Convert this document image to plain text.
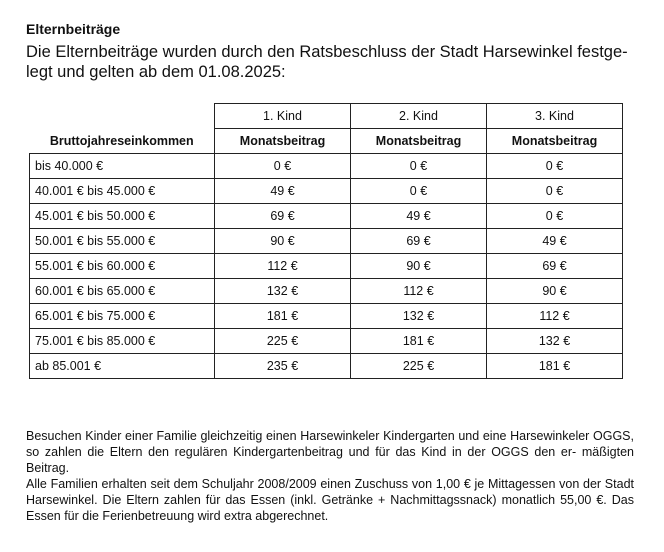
Elternbeiträge

Die Elternbeiträge wurden durch den Ratsbeschluss der Stadt Harsewinkel festge- legt und gelten ab dem 01.08.2025:

	1. Kind	2. Kind	3. Kind
Bruttojahreseinkommen	Monatsbeitrag	Monatsbeitrag	Monatsbeitrag
bis 40.000 €	0 €	0 €	0 €
40.001 € bis 45.000 €	49 €	0 €	0 €
45.001 € bis 50.000 €	69 €	49 €	0 €
50.001 € bis 55.000 €	90 €	69 €	49 €
55.001 € bis 60.000 €	112 €	90 €	69 €
60.001 € bis 65.000 €	132 €	112 €	90 €
65.001 € bis 75.000 €	181 €	132 €	112 €
75.001 € bis 85.000 €	225 €	181 €	132 €
ab 85.001 €	235 €	225 €	181 €

Besuchen Kinder einer Familie gleichzeitig einen Harsewinkeler Kindergarten und eine Harsewinkeler OGGS, so zahlen die Eltern den regulären Kindergartenbeitrag und für das Kind in der OGGS den er- mäßigten Beitrag.

Alle Familien erhalten seit dem Schuljahr 2008/2009 einen Zuschuss von 1,00 € je Mittagessen von der Stadt Harsewinkel. Die Eltern zahlen für das Essen (inkl. Getränke + Nachmittagssnack) monatlich 55,00 €. Das Essen für die Ferienbetreuung wird extra abgerechnet.
